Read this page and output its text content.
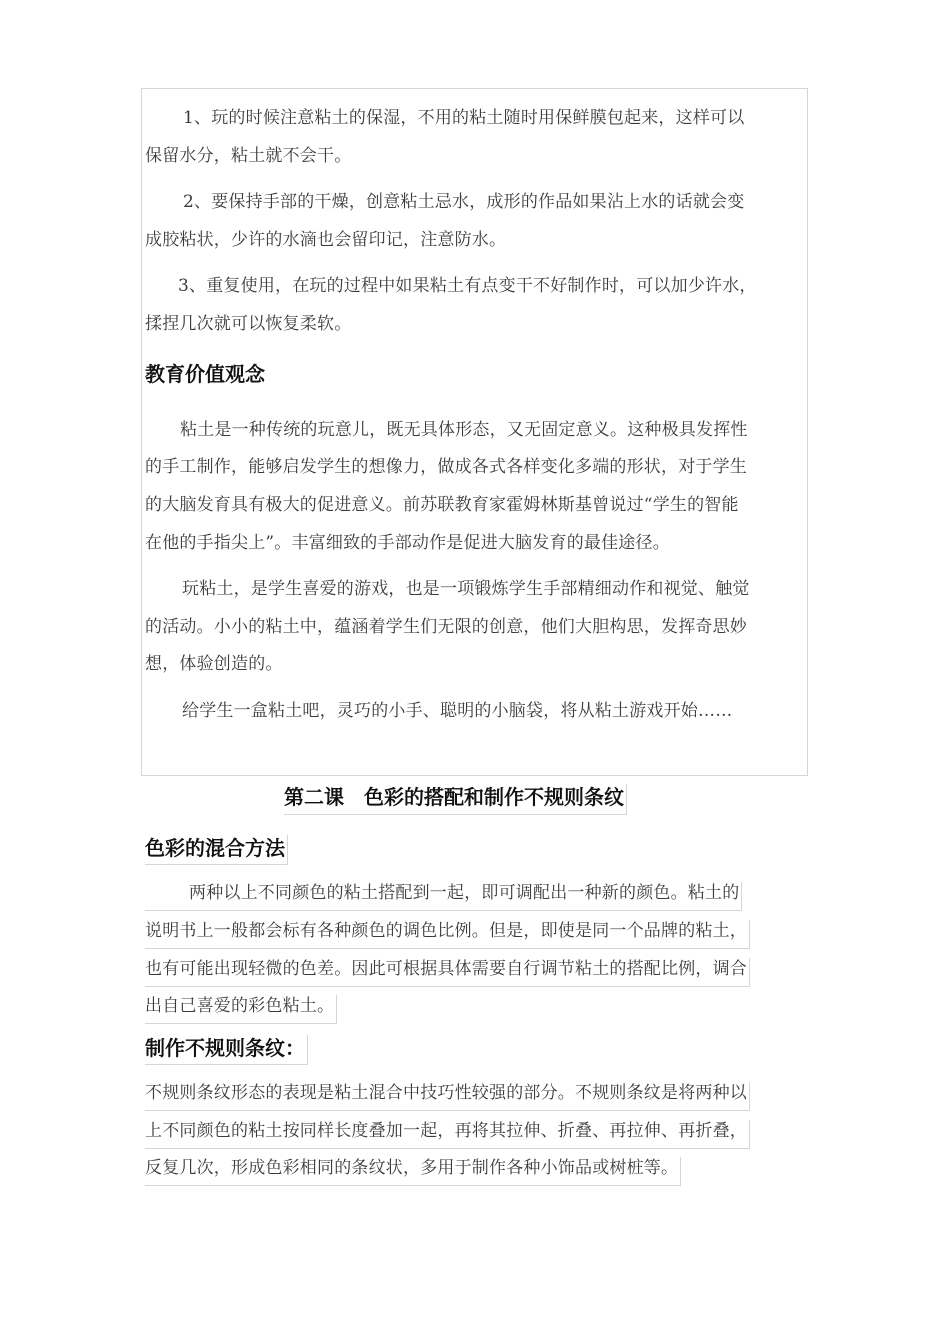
1、玩的时候注意粘土的保湿，不用的粘土随时用保鲜膜包起来，这样可以
保留水分，粘土就不会干。
2、要保持手部的干燥，创意粘土忌水，成形的作品如果沾上水的话就会变
成胶粘状，少许的水滴也会留印记，注意防水。
3、重复使用，在玩的过程中如果粘土有点变干不好制作时，可以加少许水，
揉捏几次就可以恢复柔软。
教育价值观念
粘土是一种传统的玩意儿，既无具体形态，又无固定意义。这种极具发挥性
的手工制作，能够启发学生的想像力，做成各式各样变化多端的形状，对于学生
的大脑发育具有极大的促进意义。前苏联教育家霍姆林斯基曾说过“学生的智能
在他的手指尖上”。丰富细致的手部动作是促进大脑发育的最佳途径。
玩粘土，是学生喜爱的游戏，也是一项锻炼学生手部精细动作和视觉、触觉
的活动。小小的粘土中，蕴涵着学生们无限的创意，他们大胆构思，发挥奇思妙
想，体验创造的。
给学生一盒粘土吧，灵巧的小手、聪明的小脑袋，将从粘土游戏开始……
第二课　色彩的搭配和制作不规则条纹
色彩的混合方法
两种以上不同颜色的粘土搭配到一起，即可调配出一种新的颜色。粘土的
说明书上一般都会标有各种颜色的调色比例。但是，即使是同一个品牌的粘土，
也有可能出现轻微的色差。因此可根据具体需要自行调节粘土的搭配比例，调合
出自己喜爱的彩色粘土。
制作不规则条纹：
不规则条纹形态的表现是粘土混合中技巧性较强的部分。不规则条纹是将两种以
上不同颜色的粘土按同样长度叠加一起，再将其拉伸、折叠、再拉伸、再折叠，
反复几次，形成色彩相同的条纹状，多用于制作各种小饰品或树桩等。
